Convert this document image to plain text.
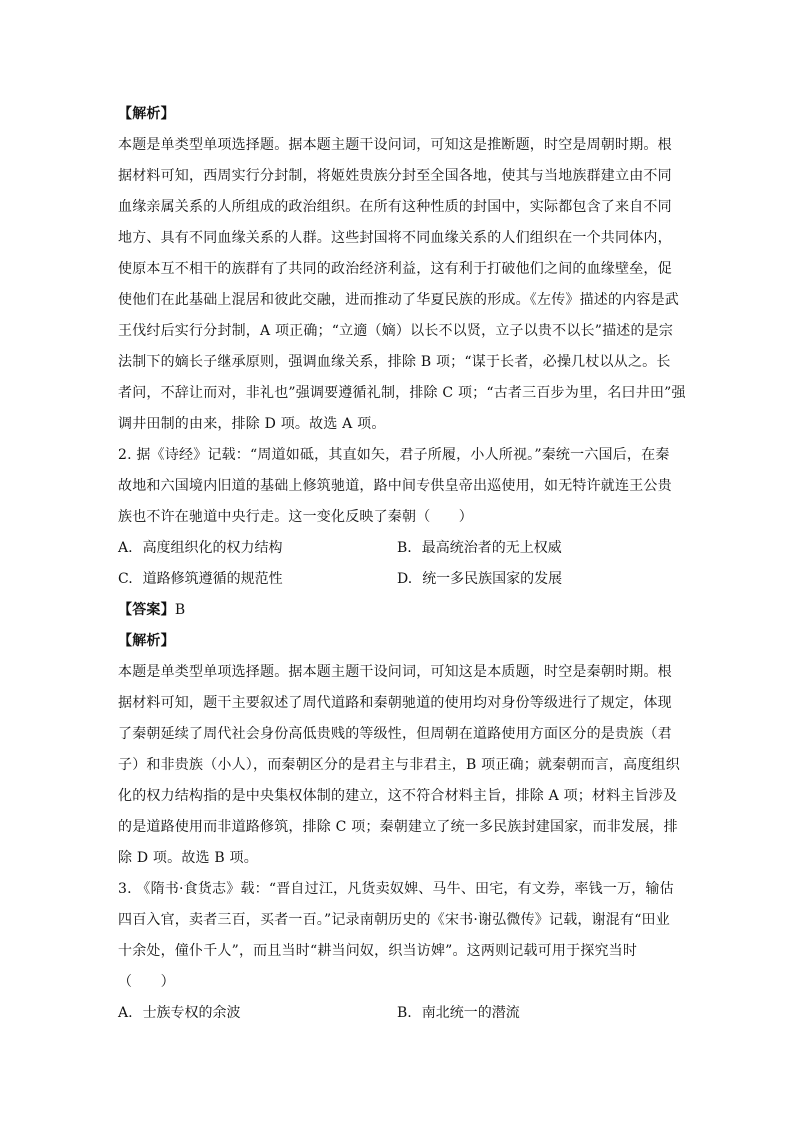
【解析】
本题是单类型单项选择题。据本题主题干设问词，可知这是推断题，时空是周朝时期。根
据材料可知，西周实行分封制，将姬姓贵族分封至全国各地，使其与当地族群建立由不同
血缘亲属关系的人所组成的政治组织。在所有这种性质的封国中，实际都包含了来自不同
地方、具有不同血缘关系的人群。这些封国将不同血缘关系的人们组织在一个共同体内，
使原本互不相干的族群有了共同的政治经济利益，这有利于打破他们之间的血缘壁垒，促
使他们在此基础上混居和彼此交融，进而推动了华夏民族的形成。《左传》描述的内容是武
王伐纣后实行分封制，A 项正确；“立適（嫡）以长不以贤，立子以贵不以长”描述的是宗
法制下的嫡长子继承原则，强调血缘关系，排除 B 项；“谋于长者，必操几杖以从之。长
者问，不辞让而对，非礼也”强调要遵循礼制，排除 C 项；“古者三百步为里，名曰井田”强
调井田制的由来，排除 D 项。故选 A 项。
2. 据《诗经》记载：“周道如砥，其直如矢，君子所履，小人所视。”秦统一六国后，在秦
故地和六国境内旧道的基础上修筑驰道，路中间专供皇帝出巡使用，如无特许就连王公贵
族也不许在驰道中央行走。这一变化反映了秦朝（　　）
A. 高度组织化的权力结构	B. 最高统治者的无上权威
C. 道路修筑遵循的规范性	D. 统一多民族国家的发展
【答案】B
【解析】
本题是单类型单项选择题。据本题主题干设问词，可知这是本质题，时空是秦朝时期。根
据材料可知，题干主要叙述了周代道路和秦朝驰道的使用均对身份等级进行了规定，体现
了秦朝延续了周代社会身份高低贵贱的等级性，但周朝在道路使用方面区分的是贵族（君
子）和非贵族（小人），而秦朝区分的是君主与非君主，B 项正确；就秦朝而言，高度组织
化的权力结构指的是中央集权体制的建立，这不符合材料主旨，排除 A 项；材料主旨涉及
的是道路使用而非道路修筑，排除 C 项；秦朝建立了统一多民族封建国家，而非发展，排
除 D 项。故选 B 项。
3. 《隋书·食货志》载：“晋自过江，凡货卖奴婢、马牛、田宅，有文券，率钱一万，输估
四百入官，卖者三百，买者一百。”记录南朝历史的《宋书·谢弘微传》记载，谢混有“田业
十余处，僮仆千人”，而且当时“耕当问奴，织当访婢”。这两则记载可用于探究当时
（　　）
A. 士族专权的余波	B. 南北统一的潜流
